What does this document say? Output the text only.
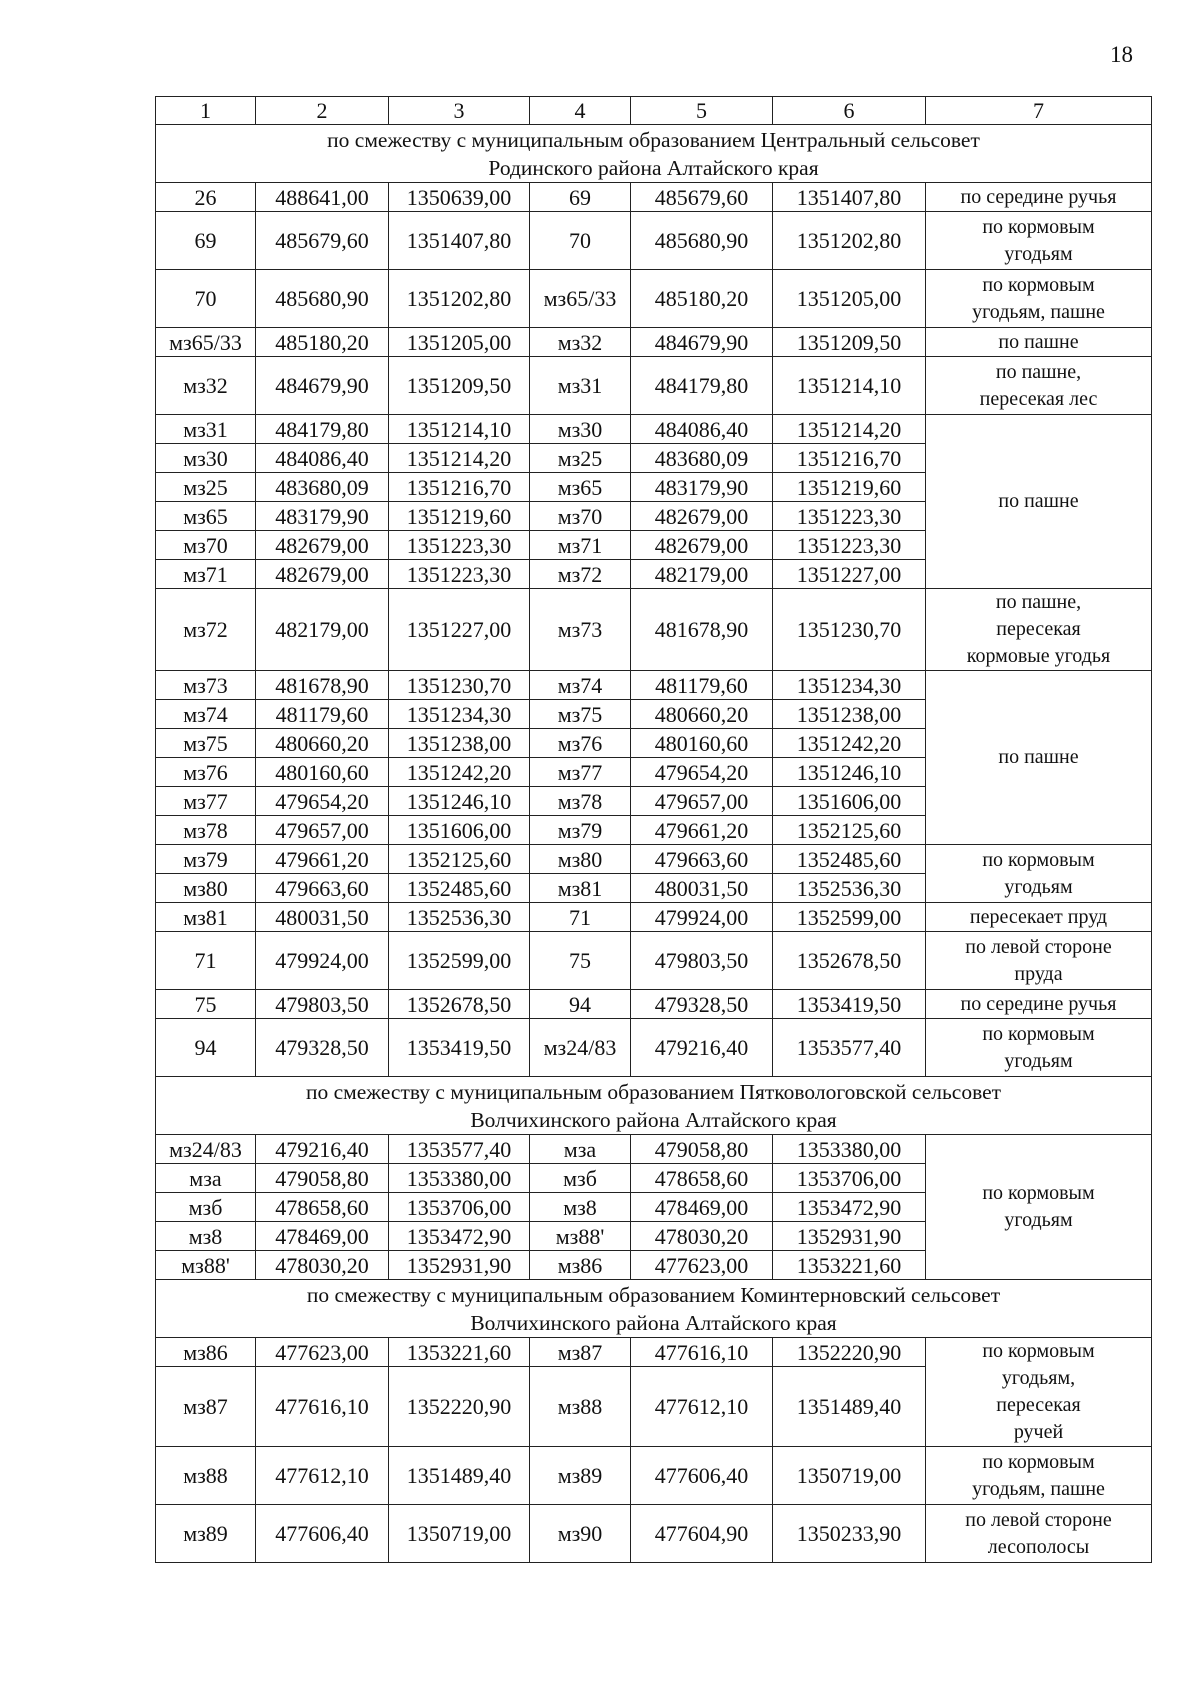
18
1	2	3	4	5	6	7

по смежеству с муниципальным образованием Центральный сельсовет
Родинского района Алтайского края						

26	488641,00	1350639,00	69	485679,60	1351407,80	по середине ручья

69	485679,60	1351407,80	70	485680,90	1351202,80	по кормовым
угодьям

70	485680,90	1351202,80	мз65/33	485180,20	1351205,00	по кормовым
угодьям, пашне

мз65/33	485180,20	1351205,00	мз32	484679,90	1351209,50	по пашне

мз32	484679,90	1351209,50	мз31	484179,80	1351214,10	по пашне,
пересекая лес

мз31	484179,80	1351214,10	мз30	484086,40	1351214,20	по пашне

мз30	484086,40	1351214,20	мз25	483680,09	1351216,70	
мз25	483680,09	1351216,70	мз65	483179,90	1351219,60	
мз65	483179,90	1351219,60	мз70	482679,00	1351223,30	
мз70	482679,00	1351223,30	мз71	482679,00	1351223,30	
мз71	482679,00	1351223,30	мз72	482179,00	1351227,00	
мз72	482179,00	1351227,00	мз73	481678,90	1351230,70	по пашне,
пересекая
кормовые угодья

мз73	481678,90	1351230,70	мз74	481179,60	1351234,30	по пашне

мз74	481179,60	1351234,30	мз75	480660,20	1351238,00	
мз75	480660,20	1351238,00	мз76	480160,60	1351242,20	
мз76	480160,60	1351242,20	мз77	479654,20	1351246,10	
мз77	479654,20	1351246,10	мз78	479657,00	1351606,00	
мз78	479657,00	1351606,00	мз79	479661,20	1352125,60	
мз79	479661,20	1352125,60	мз80	479663,60	1352485,60	по кормовым
угодьям

мз80	479663,60	1352485,60	мз81	480031,50	1352536,30	
мз81	480031,50	1352536,30	71	479924,00	1352599,00	пересекает пруд

71	479924,00	1352599,00	75	479803,50	1352678,50	по левой стороне
пруда

75	479803,50	1352678,50	94	479328,50	1353419,50	по середине ручья

94	479328,50	1353419,50	мз24/83	479216,40	1353577,40	по кормовым
угодьям

по смежеству с муниципальным образованием Пятковологовской сельсовет
Волчихинского района Алтайского края						

мз24/83	479216,40	1353577,40	мза	479058,80	1353380,00	по кормовым
угодьям

мза	479058,80	1353380,00	мзб	478658,60	1353706,00	
мзб	478658,60	1353706,00	мз8	478469,00	1353472,90	
мз8	478469,00	1353472,90	мз88'	478030,20	1352931,90	
мз88'	478030,20	1352931,90	мз86	477623,00	1353221,60	

по смежеству с муниципальным образованием Коминтерновский сельсовет
Волчихинского района Алтайского края						

мз86	477623,00	1353221,60	мз87	477616,10	1352220,90	по кормовым
угодьям,
пересекая
ручей

мз87	477616,10	1352220,90	мз88	477612,10	1351489,40	
мз88	477612,10	1351489,40	мз89	477606,40	1350719,00	по кормовым
угодьям, пашне

мз89	477606,40	1350719,00	мз90	477604,90	1350233,90	по левой стороне
лесополосы
